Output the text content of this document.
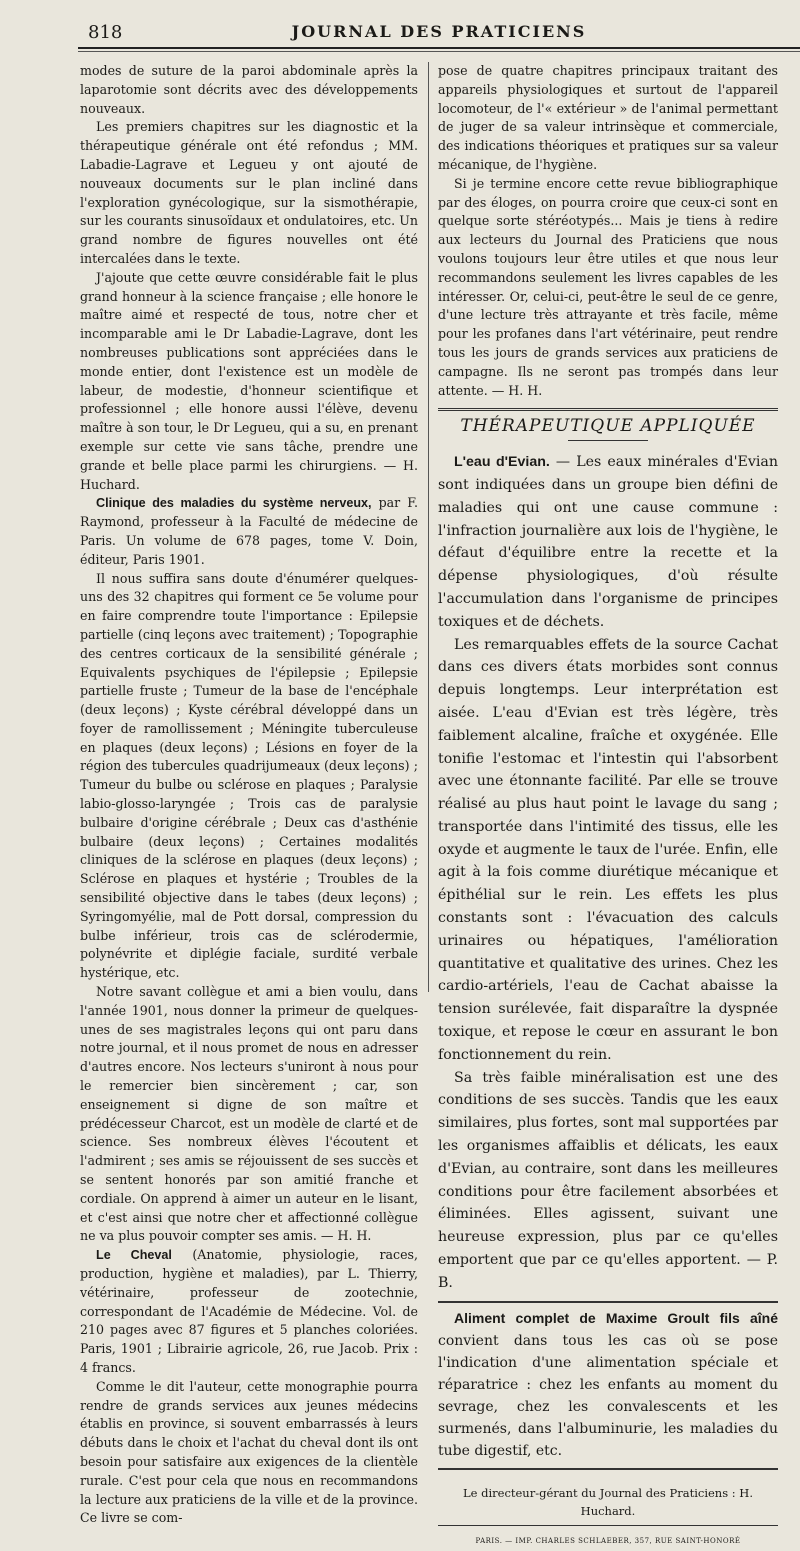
818	JOURNAL DES PRATICIENS

modes de suture de la paroi abdominale après la laparotomie sont décrits avec des développements nouveaux.

Les premiers chapitres sur les diagnostic et la thérapeutique générale ont été refondus ; MM. Labadie-Lagrave et Legueu y ont ajouté de nouveaux documents sur le plan incliné dans l'exploration gynécologique, sur la sismothérapie, sur les courants sinusoïdaux et ondulatoires, etc. Un grand nombre de figures nouvelles ont été intercalées dans le texte.

J'ajoute que cette œuvre considérable fait le plus grand honneur à la science française ; elle honore le maître aimé et respecté de tous, notre cher et incomparable ami le Dr Labadie-Lagrave, dont les nombreuses publications sont appréciées dans le monde entier, dont l'existence est un modèle de labeur, de modestie, d'honneur scientifique et professionnel ; elle honore aussi l'élève, devenu maître à son tour, le Dr Legueu, qui a su, en prenant exemple sur cette vie sans tâche, prendre une grande et belle place parmi les chirurgiens. — H. Huchard.

Clinique des maladies du système nerveux, par F. Raymond, professeur à la Faculté de médecine de Paris. Un volume de 678 pages, tome V. Doin, éditeur, Paris 1901.

Il nous suffira sans doute d'énumérer quelques-uns des 32 chapitres qui forment ce 5e volume pour en faire comprendre toute l'importance : Epilepsie partielle (cinq leçons avec traitement) ; Topographie des centres corticaux de la sensibilité générale ; Equivalents psychiques de l'épilepsie ; Epilepsie partielle fruste ; Tumeur de la base de l'encéphale (deux leçons) ; Kyste cérébral développé dans un foyer de ramollissement ; Méningite tuberculeuse en plaques (deux leçons) ; Lésions en foyer de la région des tubercules quadrijumeaux (deux leçons) ; Tumeur du bulbe ou sclérose en plaques ; Paralysie labio-glosso-laryngée ; Trois cas de paralysie bulbaire d'origine cérébrale ; Deux cas d'asthénie bulbaire (deux leçons) ; Certaines modalités cliniques de la sclérose en plaques (deux leçons) ; Sclérose en plaques et hystérie ; Troubles de la sensibilité objective dans le tabes (deux leçons) ; Syringomyélie, mal de Pott dorsal, compression du bulbe inférieur, trois cas de sclérodermie, polynévrite et diplégie faciale, surdité verbale hystérique, etc.

Notre savant collègue et ami a bien voulu, dans l'année 1901, nous donner la primeur de quelques-unes de ses magistrales leçons qui ont paru dans notre journal, et il nous promet de nous en adresser d'autres encore. Nos lecteurs s'uniront à nous pour le remercier bien sincèrement ; car, son enseignement si digne de son maître et prédécesseur Charcot, est un modèle de clarté et de science. Ses nombreux élèves l'écoutent et l'admirent ; ses amis se réjouissent de ses succès et se sentent honorés par son amitié franche et cordiale. On apprend à aimer un auteur en le lisant, et c'est ainsi que notre cher et affectionné collègue ne va plus pouvoir compter ses amis. — H. H.

Le Cheval (Anatomie, physiologie, races, production, hygiène et maladies), par L. Thierry, vétérinaire, professeur de zootechnie, correspondant de l'Académie de Médecine. Vol. de 210 pages avec 87 figures et 5 planches coloriées. Paris, 1901 ; Librairie agricole, 26, rue Jacob. Prix : 4 francs.

Comme le dit l'auteur, cette monographie pourra rendre de grands services aux jeunes médecins établis en province, si souvent embarrassés à leurs débuts dans le choix et l'achat du cheval dont ils ont besoin pour satisfaire aux exigences de la clientèle rurale. C'est pour cela que nous en recommandons la lecture aux praticiens de la ville et de la province. Ce livre se com-

pose de quatre chapitres principaux traitant des appareils physiologiques et surtout de l'appareil locomoteur, de l'« extérieur » de l'animal permettant de juger de sa valeur intrinsèque et commerciale, des indications théoriques et pratiques sur sa valeur mécanique, de l'hygiène.

Si je termine encore cette revue bibliographique par des éloges, on pourra croire que ceux-ci sont en quelque sorte stéréotypés... Mais je tiens à redire aux lecteurs du Journal des Praticiens que nous voulons toujours leur être utiles et que nous leur recommandons seulement les livres capables de les intéresser. Or, celui-ci, peut-être le seul de ce genre, d'une lecture très attrayante et très facile, même pour les profanes dans l'art vétérinaire, peut rendre tous les jours de grands services aux praticiens de campagne. Ils ne seront pas trompés dans leur attente. — H. H.

THÉRAPEUTIQUE APPLIQUÉE

L'eau d'Evian. — Les eaux minérales d'Evian sont indiquées dans un groupe bien défini de maladies qui ont une cause commune : l'infraction journalière aux lois de l'hygiène, le défaut d'équilibre entre la recette et la dépense physiologiques, d'où résulte l'accumulation dans l'organisme de principes toxiques et de déchets.

Les remarquables effets de la source Cachat dans ces divers états morbides sont connus depuis longtemps. Leur interprétation est aisée. L'eau d'Evian est très légère, très faiblement alcaline, fraîche et oxygénée. Elle tonifie l'estomac et l'intestin qui l'absorbent avec une étonnante facilité. Par elle se trouve réalisé au plus haut point le lavage du sang ; transportée dans l'intimité des tissus, elle les oxyde et augmente le taux de l'urée. Enfin, elle agit à la fois comme diurétique mécanique et épithélial sur le rein. Les effets les plus constants sont : l'évacuation des calculs urinaires ou hépatiques, l'amélioration quantitative et qualitative des urines. Chez les cardio-artériels, l'eau de Cachat abaisse la tension surélevée, fait disparaître la dyspnée toxique, et repose le cœur en assurant le bon fonctionnement du rein.

Sa très faible minéralisation est une des conditions de ses succès. Tandis que les eaux similaires, plus fortes, sont mal supportées par les organismes affaiblis et délicats, les eaux d'Evian, au contraire, sont dans les meilleures conditions pour être facilement absorbées et éliminées. Elles agissent, suivant une heureuse expression, plus par ce qu'elles emportent que par ce qu'elles apportent. — P. B.

Aliment complet de Maxime Groult fils aîné convient dans tous les cas où se pose l'indication d'une alimentation spéciale et réparatrice : chez les enfants au moment du sevrage, chez les convalescents et les surmenés, dans l'albuminurie, les maladies du tube digestif, etc.

Le directeur-gérant du Journal des Praticiens : H. Huchard.
PARIS. — IMP. CHARLES SCHLAEBER, 357, RUE SAINT-HONORÉ
